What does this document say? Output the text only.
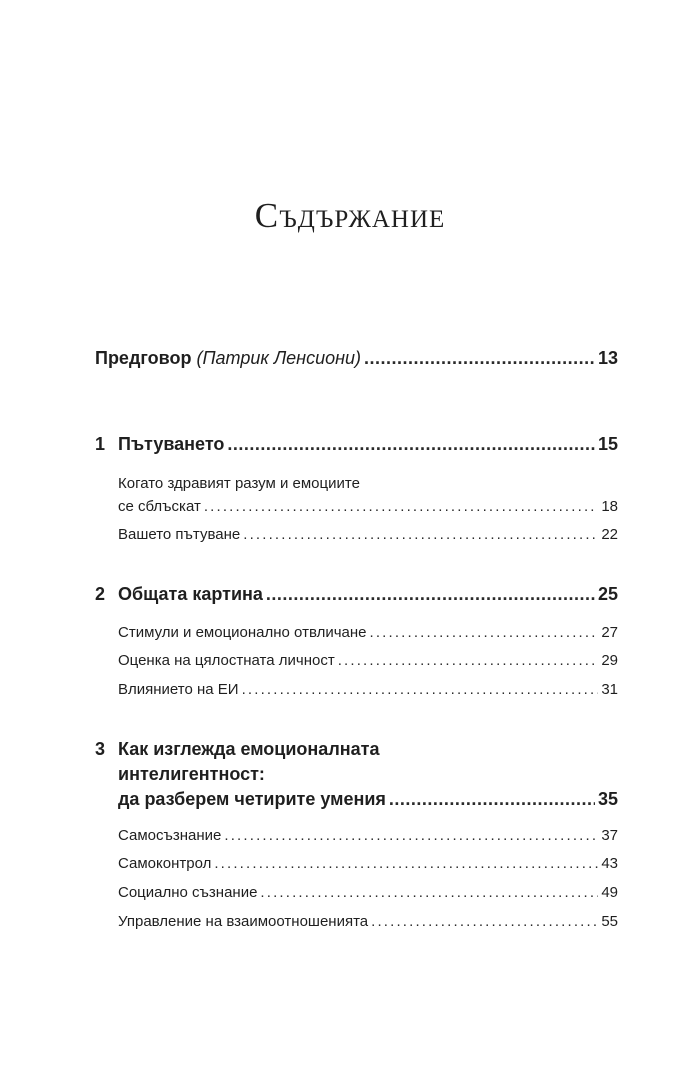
Съдържание
Предговор (Патрик Ленсиони) .....	13
1 Пътуването .....	15
Когато здравият разум и емоциите
се сблъскат . . .	18
Вашето пътуване . . .	22
2 Общата картина .....	25
Стимули и емоционално отвличане . . .	27
Оценка на цялостната личност . . .	29
Влиянието на ЕИ . . .	31
3 Как изглежда емоционалната
интелигентност:
да разберем четирите умения .....	35
Самосъзнание . . .	37
Самоконтрол . . .	43
Социално съзнание . . .	49
Управление на взаимоотношенията . . .	55
